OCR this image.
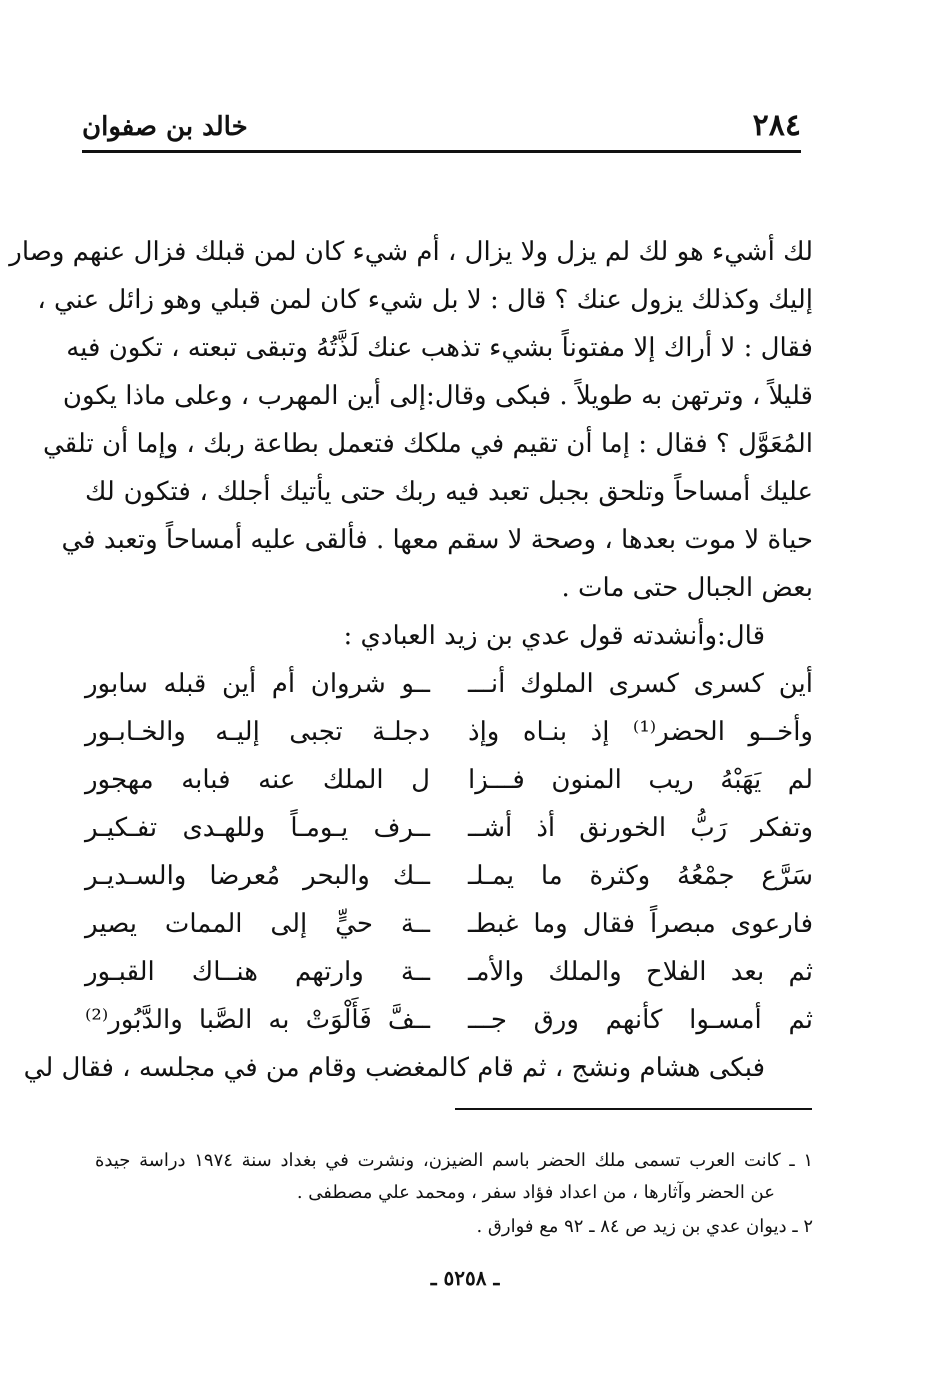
٢٨٤
خالد بن صفوان
لك أشيء هو لك لم يزل ولا يزال ، أم شيء كان لمن قبلك فزال عنهم وصار
إليك وكذلك يزول عنك ؟ قال : لا بل شيء كان لمن قبلي وهو زائل عني ،
فقال : لا أراك إلا مفتوناً بشيء تذهب عنك لَذَّتُهُ وتبقى تبعته ، تكون فيه
قليلاً ، وترتهن به طويلاً . فبكى وقال:إلى أين المهرب ، وعلى ماذا يكون
المُعَوَّل ؟ فقال : إما أن تقيم في ملكك فتعمل بطاعة ربك ، وإما أن تلقي
عليك أمساحاً وتلحق بجبل تعبد فيه ربك حتى يأتيك أجلك ، فتكون لك
حياة لا موت بعدها ، وصحة لا سقم معها . فألقى عليه أمساحاً وتعبد في
بعض الجبال حتى مات .
قال:وأنشدته قول عدي بن زيد العبادي :
أين كسرى كسرى الملوك أنـــ
ــو شروان أم أين قبله سابور
وأخــو الحضر⁽¹⁾ إذ بنـاه وإذ
دجلـة تجبى إليـه والخـابـور
لم يَهَبْهُ ريب المنون فـــزا
ل الملك عنه فبابه مهجور
وتفكر رَبُّ الخورنق أذ أشــ
ــرف يـومـاً وللهـدى تفـكيـر
سَرَّع جمْعُهُ وكثرة ما يمـلـ
ــك والبحر مُعرضا والسـديـر
فارعوى مبصراً فقال وما غبطـ
ــة حيٍّ إلى الممات يصير
ثم بعد الفلاح والملك والأمـ
ــة وارتهم هنــاك القبـور
ثم أمسـوا كأنهم ورق جـــ
ــفَّ فَأَلْوَتْ به الصَّبا والدَّبُور⁽²⁾
فبكى هشام ونشج ، ثم قام كالمغضب وقام من في مجلسه ، فقال لي
١ ـ كانت العرب تسمى ملك الحضر باسم الضيزن، ونشرت في بغداد سنة ١٩٧٤ دراسة جيدة
عن الحضر وآثارها ، من اعداد فؤاد سفر ، ومحمد علي مصطفى .
٢ ـ ديوان عدي بن زيد ص ٨٤ ـ ٩٢ مع فوارق .
ـ ٥٢٥٨ ـ
